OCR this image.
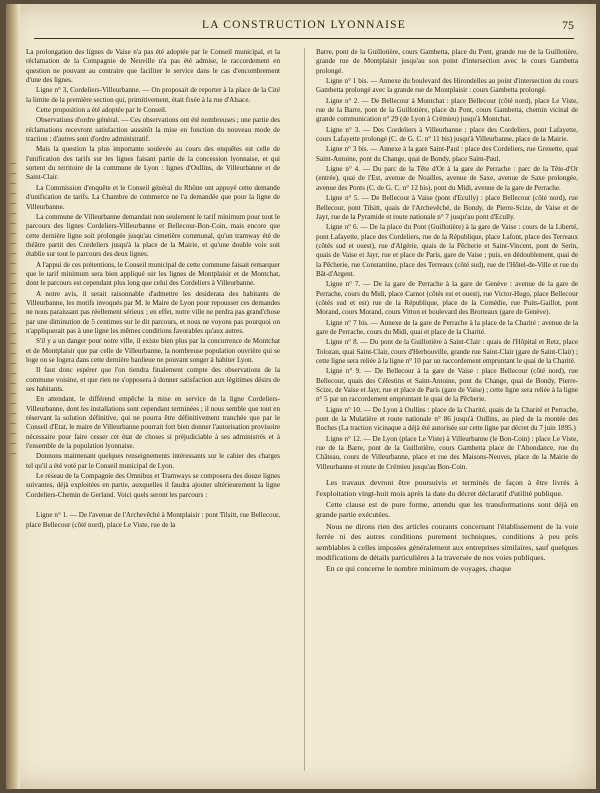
LA CONSTRUCTION LYONNAISE	75

La prolongation des lignes de Vaise n'a pas été adoptée par le Conseil municipal, et la réclamation de la Compagnie de Neuville n'a pas été admise, le raccordement en question ne pouvant au contraire que faciliter le service dans le cas d'encombrement d'une des lignes.

Ligne n° 3, Cordeliers-Villeurbanne. — On proposait de reporter à la place de la Cité la limite de la première section qui, primitivement, était fixée à la rue d'Alsace.

Cette proposition a été adoptée par le Conseil.

Observations d'ordre général. — Ces observations ont été nombreuses ; une partie des réclamations recevront satisfaction aussitôt la mise en fonction du nouveau mode de traction : d'autres sont d'ordre administratif.

Mais la question la plus importante soulevée au cours des enquêtes est celle de l'unification des tarifs sur les lignes faisant partie de la concession lyonnaise, et qui sortent du territoire de la commune de Lyon : lignes d'Oullins, de Villeurbanne et de Saint-Clair.

La Commission d'enquête et le Conseil général du Rhône ont appuyé cette demande d'unification de tarifs. La Chambre de commerce ne l'a demandée que pour la ligne de Villeurbanne.

La commune de Villeurbanne demandait non seulement le tarif minimum pour tout le parcours des lignes Cordeliers-Villeurbanne et Bellecour-Bon-Coin, mais encore que cette dernière ligne soit prolongée jusqu'au cimetière communal, qu'un tramway été de théâtre partit des Cordeliers jusqu'à la place de la Mairie, et qu'une double voie soit établie sur tout le parcours des deux lignes.

A l'appui de ces prétentions, le Conseil municipal de cette commune faisait remarquer que le tarif minimum sera bien appliqué sur les lignes de Montplaisir et de Montchat, dont le parcours est cependant plus long que celui des Cordeliers à Villeurbanne.

A notre avis, il serait raisonnable d'admettre les desiderata des habitants de Villeurbanne, les motifs invoqués par M. le Maire de Lyon pour repousser ces demandes ne nous paraissant pas réellement sérieux ; en effet, notre ville ne perdra pas grand'chose par une diminution de 5 centimes sur le dit parcours, et nous ne voyons pas pourquoi on n'appliquerait pas à une ligne les mêmes conditions favorables qu'aux autres.

S'il y a un danger pour notre ville, il existe bien plus par la concurrence de Montchat et de Montplaisir que par celle de Villeurbanne, la nombreuse population ouvrière qui se loge ou se logera dans cette dernière banlieue ne pouvant songer à habiter Lyon.

Il faut donc espérer que l'on tiendra finalement compte des observations de la commune voisine, et que rien ne s'opposera à donner satisfaction aux légitimes désirs de ses habitants.

En attendant, le différend empêche la mise en service de la ligne Cordeliers-Villeurbanne, dont les installations sont cependant terminées ; il nous semble que tout en réservant la solution définitive, qui ne pourra être définitivement tranchée que par le Conseil d'Etat, le maire de Villeurbanne pourrait fort bien donner l'autorisation provisoire nécessaire pour faire cesser cet état de choses si préjudiciable à ses administrés et à l'ensemble de la population lyonnaise.

Donnons maintenant quelques renseignements intéressants sur le cahier des charges tel qu'il a été voté par le Conseil municipal de Lyon.

Le réseau de la Compagnie des Omnibus et Tramways se composera des douze lignes suivantes, déjà exploitées en partie, auxquelles il faudra ajouter ultérieurement la ligne Cordeliers-Chemin de Gerland. Voici quels seront les parcours :

Ligne n° 1. — De l'avenue de l'Archevêché à Montplaisir : pont Tilsitt, rue Bellecour, place Bellecour (côté nord), place Le Viste, rue de la

Barre, pont de la Guillotière, cours Gambetta, place du Pont, grande rue de la Guillotière, grande rue de Montplaisir jusqu'au son point d'intersection avec le cours Gambetta prolongé.

Ligne n° 1 bis. — Annexe du boulevard des Hirondelles au point d'intersection du cours Gambetta prolongé avec la grande rue de Montplaisir : cours Gambetta prolongé.

Ligne n° 2. — De Bellecour à Montchat : place Bellecour (côté nord), place Le Viste, rue de la Barre, pont de la Guillotière, place du Pont, cours Gambetta, chemin vicinal de grande communication n° 29 (de Lyon à Crémieu) jusqu'à Montchat.

Ligne n° 3. — Des Cordeliers à Villeurbanne : place des Cordeliers, pont Lafayette, cours Lafayette prolongé (C. de G. C. n° 11 bis) jusqu'à Villeurbanne, place de la Mairie.

Ligne n° 3 bis. — Annexe à la gare Saint-Paul : place des Cordeliers, rue Grenette, quai Saint-Antoine, pont du Change, quai de Bondy, place Saint-Paul.

Ligne n° 4. — Du parc de la Tête d'Or à la gare de Perrache : parc de la Tête-d'Or (entrée), quai de l'Est, avenue de Noailles, avenue de Saxe, avenue de Saxe prolongée, avenue des Ponts (C. de G. C. n° 12 bis), pont du Midi, avenue de la gare de Perrache.

Ligne n° 5. — De Bellecour à Vaise (pont d'Ecully) : place Bellecour (côté nord), rue Bellecour, pont Tilsitt, quais de l'Archevêché, de Bondy, de Pierre-Scize, de Vaise et de Jayr, rue de la Pyramide et route nationale n° 7 jusqu'au pont d'Ecully.

Ligne n° 6. — De la place du Pont (Guillotière) à la gare de Vaise : cours de la Liberté, pont Lafayette, place des Cordeliers, rue de la République, place Lafont, place des Terreaux (côtés sud et ouest), rue d'Algérie, quais de la Pêcherie et Saint-Vincent, pont de Serin, quais de Vaise et Jayr, rue et place de Paris, gare de Vaise ; puis, en dédoublement, quai de la Pêcherie, rue Constantine, place des Terreaux (côté sud), rue de l'Hôtel-de-Ville et rue du Bât-d'Argent.

Ligne n° 7. — De la gare de Perrache à la gare de Genève : avenue de la gare de Perrache, cours du Midi, place Carnot (côtés est et ouest), rue Victor-Hugo, place Bellecour (côtés sud et est) rue de la République, place de la Comédie, rue Puits-Gaillot, pont Morand, cours Morand, cours Vitton et boulevard des Brotteaux (gare de Genève).

Ligne n° 7 bis. — Annexe de la gare de Perrache à la place de la Charité : avenue de la gare de Perrache, cours du Midi, quai et place de la Charité.

Ligne n° 8. — Du pont de la Guillotière à Saint-Clair : quais de l'Hôpital et Retz, place Tolozan, quai Saint-Clair, cours d'Herbouville, grande rue Saint-Clair (gare de Saint-Clair) ; cette ligne sera reliée à la ligne n° 10 par un raccordement empruntant le quai de la Charité.

Ligne n° 9. — De Bellecour à la gare de Vaise : place Bellecour (côté nord), rue Bellecour, quais des Célestins et Saint-Antoine, pont du Change, quai de Bondy, Pierre-Scize, de Vaise et Jayr, rue et place de Paris (gare de Vaise) ; cette ligne sera reliée à la ligne n° 5 par un raccordement empruntant le quai de la Pêcherie.

Ligne n° 10. — De Lyon à Oullins : place de la Charité, quais de la Charité et Perrache, pont de la Mulatière et route nationale n° 86 jusqu'à Oullins, au pied de la montée des Roches (La traction vicinaque a déjà été autorisée sur cette ligne par décret du 7 juin 1895.)

Ligne n° 12. — De Lyon (place Le Viste) à Villeurbanne (le Bon-Coin) : place Le Viste, rue de la Barre, pont de la Guillotière, cours Gambetta place de l'Abondance, rue du Château, cours de Villeurbanne, place et rue des Maisons-Neuves, place de la Mairie de Villeurbanne et route de Crémieu jusqu'au Bon-Coin.

Les travaux devront être poursuivis et terminés de façon à être livrés à l'exploitation vingt-huit mois après la date du décret déclaratif d'utilité publique.

Cette clause est de pure forme, attendu que les transformations sont déjà en grande partie exécutées.

Nous ne dirons rien des articles courants concernant l'établissement de la voie ferrée ni des autres conditions purement techniques, conditions à peu près semblables à celles imposées généralement aux entreprises similaires, sauf quelques modifications de détails particulières à la traversée de nos voies publiques.

En ce qui concerne le nombre minimum de voyages, chaque
